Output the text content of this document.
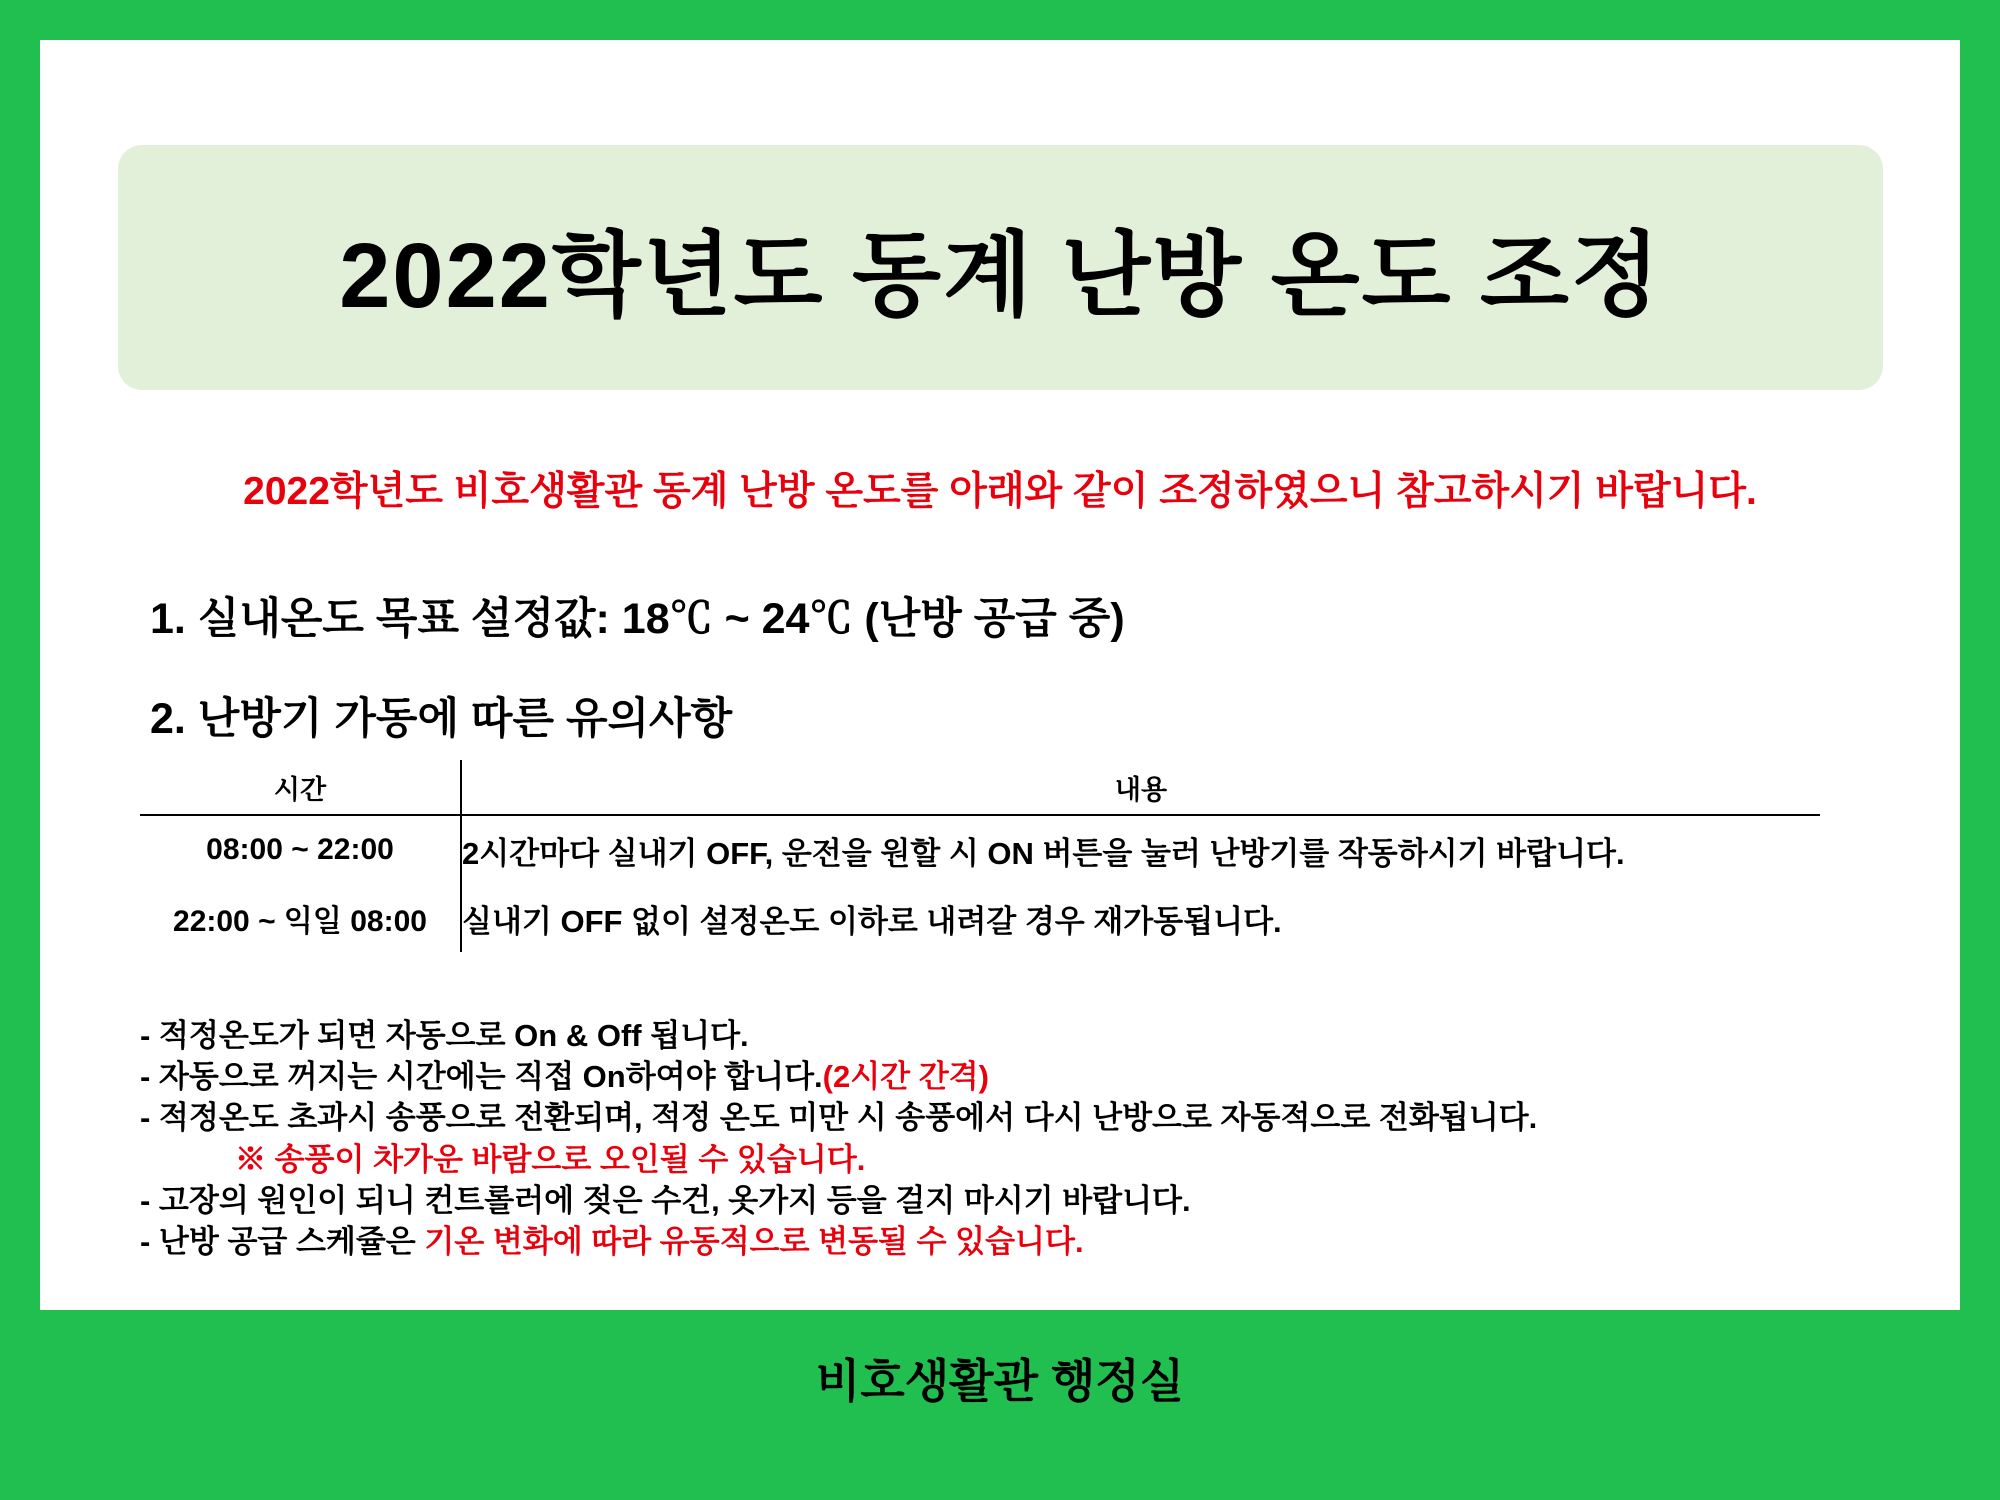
2022학년도 동계 난방 온도 조정
2022학년도 비호생활관 동계 난방 온도를 아래와 같이 조정하였으니 참고하시기 바랍니다.
1. 실내온도 목표 설정값: 18℃ ~ 24℃ (난방 공급 중)
2. 난방기 가동에 따른 유의사항
시간	내용
08:00 ~ 22:00	2시간마다 실내기 OFF, 운전을 원할 시 ON 버튼을 눌러 난방기를 작동하시기 바랍니다.
22:00 ~ 익일 08:00	실내기 OFF 없이 설정온도 이하로 내려갈 경우 재가동됩니다.
- 적정온도가 되면 자동으로 On & Off 됩니다.
- 자동으로 꺼지는 시간에는 직접 On하여야 합니다.(2시간 간격)
- 적정온도 초과시 송풍으로 전환되며, 적정 온도 미만 시 송풍에서 다시 난방으로 자동적으로 전화됩니다.
※ 송풍이 차가운 바람으로 오인될 수 있습니다.
- 고장의 원인이 되니 컨트롤러에 젖은 수건, 옷가지 등을 걸지 마시기 바랍니다.
- 난방 공급 스케쥴은 기온 변화에 따라 유동적으로 변동될 수 있습니다.
비호생활관 행정실
